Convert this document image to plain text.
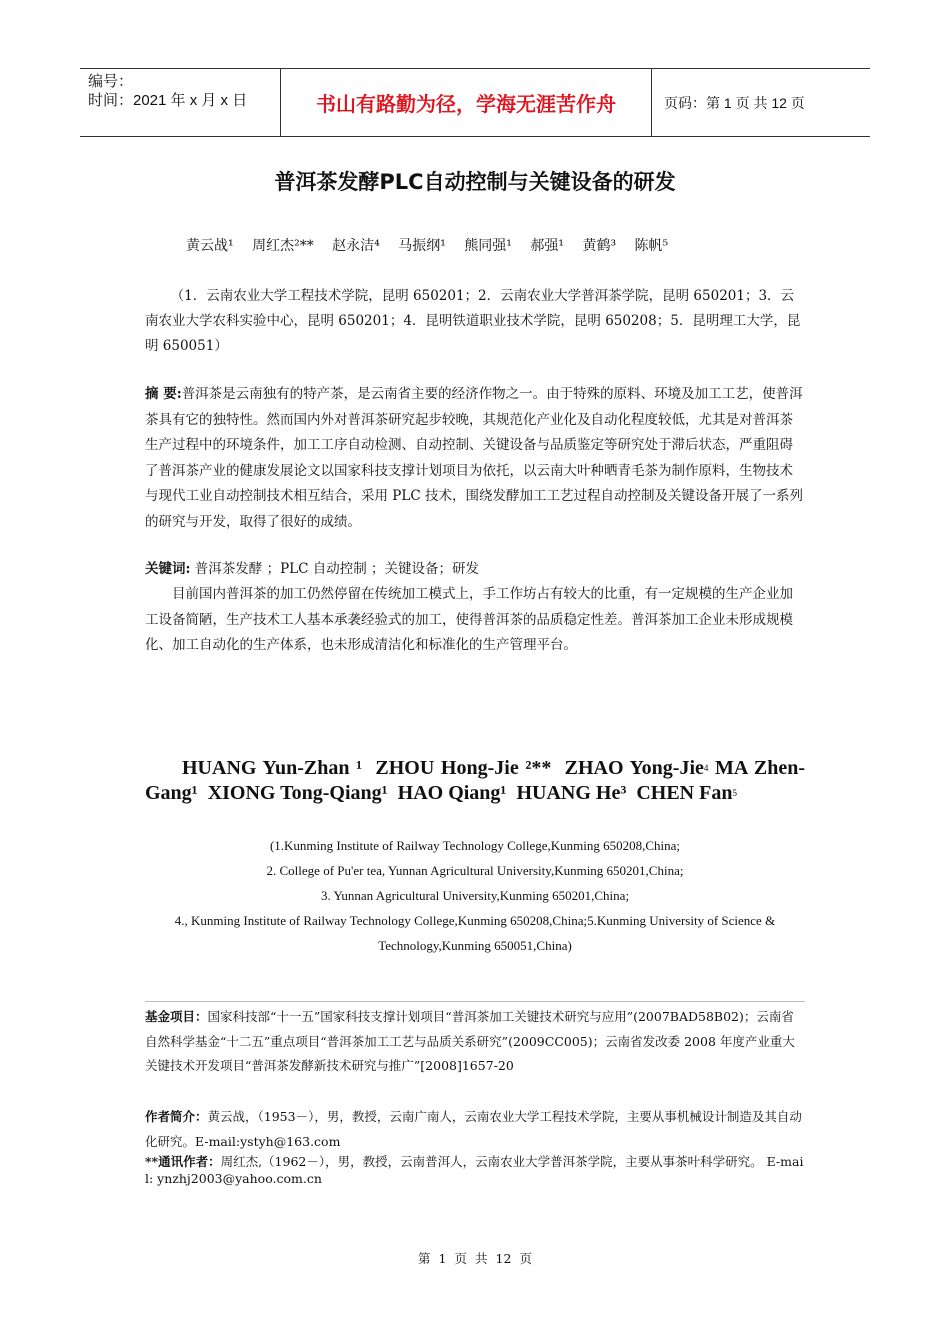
编号：
时间：2021 年 x 月 x 日	书山有路勤为径，学海无涯苦作舟	页码：第 1 页 共 12 页
普洱茶发酵PLC自动控制与关键设备的研发
黄云战¹ 周红杰²** 赵永洁⁴ 马振纲¹ 熊同强¹ 郝强¹ 黄鹤³ 陈帆⁵
（1．云南农业大学工程技术学院，昆明 650201；2．云南农业大学普洱茶学院，昆明 650201；3．云南农业大学农科实验中心，昆明 650201；4．昆明铁道职业技术学院，昆明 650208；5．昆明理工大学，昆明 650051）
摘 要:普洱茶是云南独有的特产茶，是云南省主要的经济作物之一。由于特殊的原料、环境及加工工艺，使普洱茶具有它的独特性。然而国内外对普洱茶研究起步较晚，其规范化产业化及自动化程度较低，尤其是对普洱茶生产过程中的环境条件，加工工序自动检测、自动控制、关键设备与品质鉴定等研究处于滞后状态，严重阻碍了普洱茶产业的健康发展论文以国家科技支撑计划项目为依托，以云南大叶种晒青毛茶为制作原料，生物技术与现代工业自动控制技术相互结合，采用 PLC 技术，围绕发酵加工工艺过程自动控制及关键设备开展了一系列的研究与开发，取得了很好的成绩。
关键词: 普洱茶发酵 ；PLC 自动控制 ；关键设备；研发
目前国内普洱茶的加工仍然停留在传统加工模式上，手工作坊占有较大的比重，有一定规模的生产企业加工设备简陋，生产技术工人基本承袭经验式的加工，使得普洱茶的品质稳定性差。普洱茶加工企业未形成规模化、加工自动化的生产体系，也未形成清洁化和标准化的生产管理平台。
HUANG Yun-Zhan ¹ ZHOU Hong-Jie ²** ZHAO Yong-Jie$^4$ MA Zhen-Gang¹ XIONG Tong-Qiang¹ HAO Qiang¹ HUANG He³ CHEN Fan$^5$
(1.Kunming Institute of Railway Technology College,Kunming 650208,China;
2. College of Pu'er tea, Yunnan Agricultural University,Kunming 650201,China;
3. Yunnan Agricultural University,Kunming 650201,China;
4., Kunming Institute of Railway Technology College,Kunming 650208,China;5.Kunming University of Science & Technology,Kunming 650051,China)
基金项目：国家科技部“十一五”国家科技支撑计划项目“普洱茶加工关键技术研究与应用”(2007BAD58B02)；云南省自然科学基金“十二五”重点项目“普洱茶加工工艺与品质关系研究”(2009CC005)；云南省发改委 2008 年度产业重大关键技术开发项目“普洱茶发酵新技术研究与推广”[2008]1657-20
作者简介：黄云战，（1953－），男，教授，云南广南人，云南农业大学工程技术学院，主要从事机械设计制造及其自动化研究。E-mail:ystyh@163.com
**通讯作者：周红杰,（1962－），男，教授，云南普洱人，云南农业大学普洱茶学院，主要从事茶叶科学研究。 E-mail: ynzhj2003@yahoo.com.cn
第 1 页 共 12 页
